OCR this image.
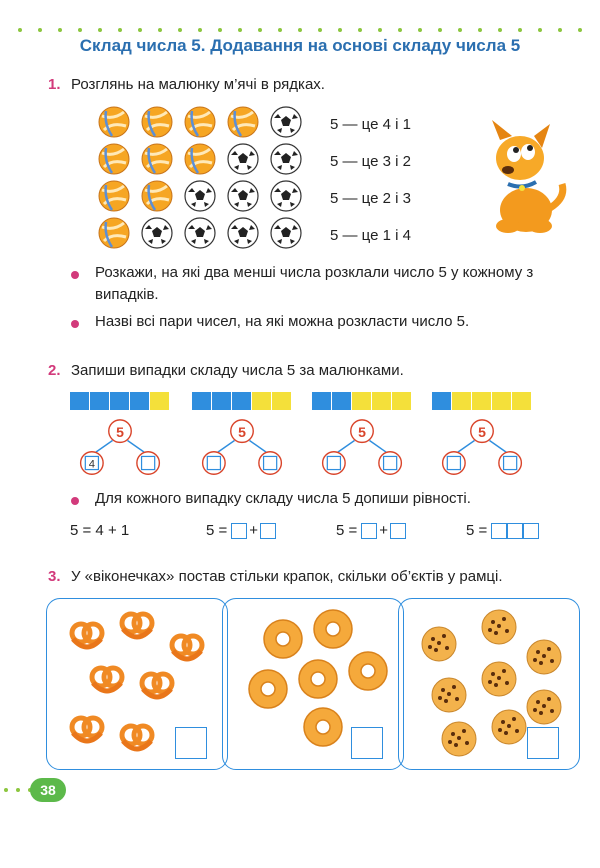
Склад числа 5. Додавання на основі складу числа 5
1. Розглянь на малюнку м’ячі в рядках.
5 — це 4 і 1
5 — це 3 і 2
5 — це 2 і 3
5 — це 1 і 4
Розкажи, на які два менші числа розклали число 5 у кожному з випадків.
Назві всі пари чисел, на які можна розкласти число 5.
2. Запиши випадки складу числа 5 за малюнками.
5
4
5	5	5
Для кожного випадку складу числа 5 допиши рівності.
5 = 4 + 1	5 = +	5 = +	5 =
3. У «віконечках» постав стільки крапок, скільки об’єктів у рамці.
38
